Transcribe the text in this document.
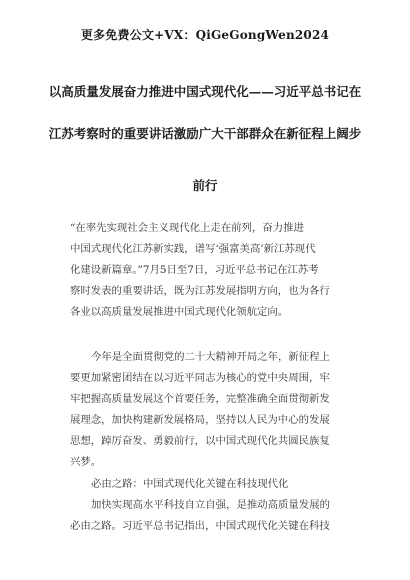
更多免费公文+VX：QiGeGongWen2024
以高质量发展奋力推进中国式现代化——习近平总书记在
江苏考察时的重要讲话激励广大干部群众在新征程上阔步
前行
“在率先实现社会主义现代化上走在前列，奋力推进
中国式现代化江苏新实践，谱写‘强富美高’新江苏现代
化建设新篇章。”7月5日至7日，习近平总书记在江苏考
察时发表的重要讲话，既为江苏发展指明方向，也为各行
各业以高质量发展推进中国式现代化领航定向。
今年是全面贯彻党的二十大精神开局之年，新征程上
要更加紧密团结在以习近平同志为核心的党中央周围，牢
牢把握高质量发展这个首要任务，完整准确全面贯彻新发
展理念，加快构建新发展格局，坚持以人民为中心的发展
思想，踔厉奋发、勇毅前行，以中国式现代化共圆民族复
兴梦。
必由之路：中国式现代化关键在科技现代化
加快实现高水平科技自立自强，是推动高质量发展的
必由之路。习近平总书记指出，中国式现代化关键在科技
